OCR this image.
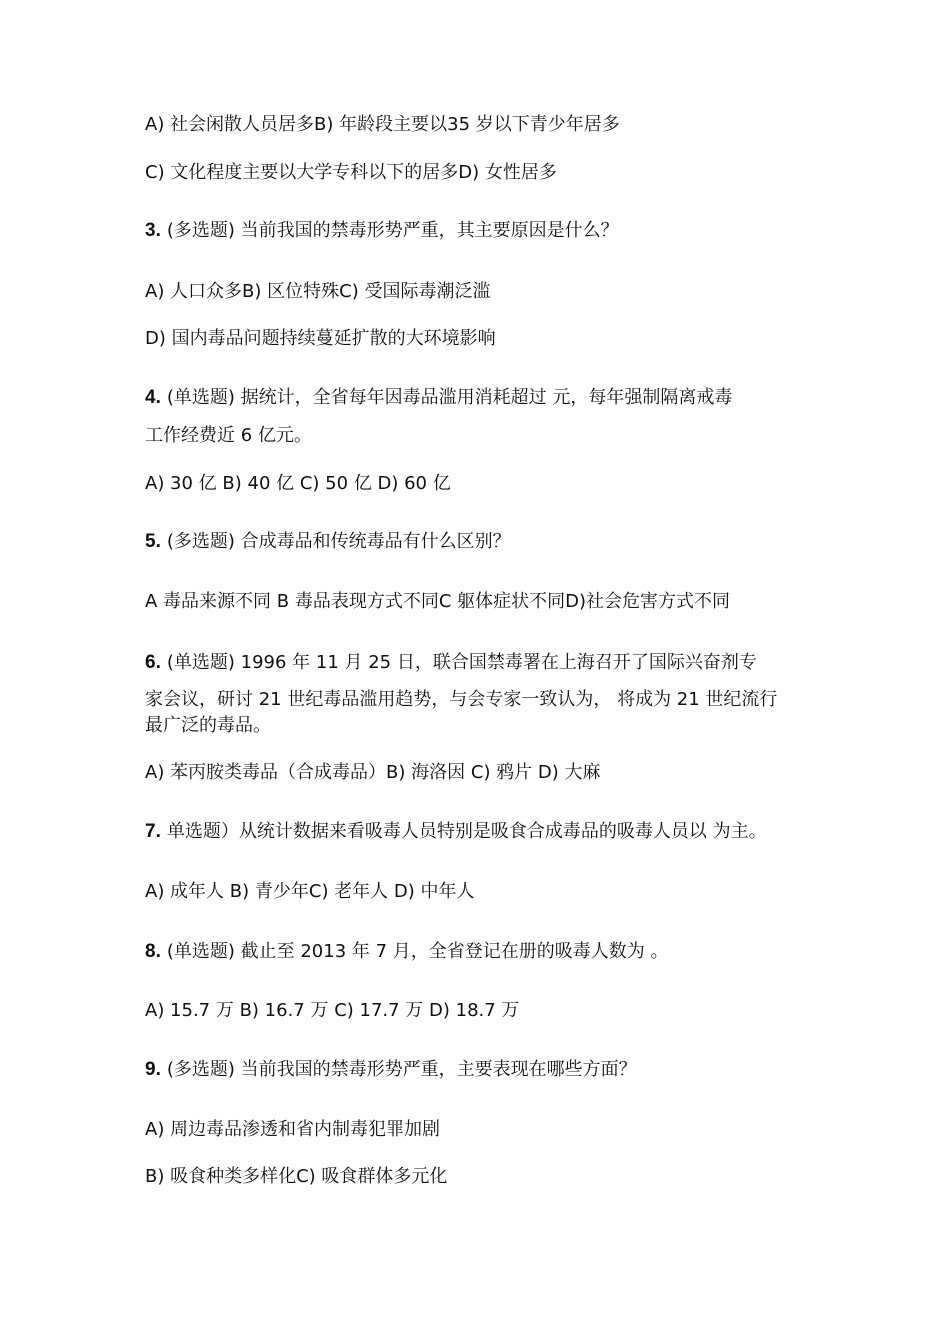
A) 社会闲散人员居多B) 年龄段主要以35 岁以下青少年居多
C) 文化程度主要以大学专科以下的居多D) 女性居多
3. (多选题) 当前我国的禁毒形势严重，其主要原因是什么？
A) 人口众多B) 区位特殊C) 受国际毒潮泛滥
D) 国内毒品问题持续蔓延扩散的大环境影响
4. (单选题) 据统计，全省每年因毒品滥用消耗超过 元，每年强制隔离戒毒
工作经费近 6 亿元。
A) 30 亿 B) 40 亿 C) 50 亿 D) 60 亿
5. (多选题) 合成毒品和传统毒品有什么区别？
A 毒品来源不同 B 毒品表现方式不同C 躯体症状不同D)社会危害方式不同
6. (单选题) 1996 年 11 月 25 日，联合国禁毒署在上海召开了国际兴奋剂专
家会议，研讨 21 世纪毒品滥用趋势，与会专家一致认为， 将成为 21 世纪流行
最广泛的毒品。
A) 苯丙胺类毒品（合成毒品）B) 海洛因 C) 鸦片 D) 大麻
7. 单选题）从统计数据来看吸毒人员特别是吸食合成毒品的吸毒人员以 为主。
A) 成年人 B) 青少年C) 老年人 D) 中年人
8. (单选题) 截止至 2013 年 7 月，全省登记在册的吸毒人数为 。
A) 15.7 万 B) 16.7 万 C) 17.7 万 D) 18.7 万
9. (多选题) 当前我国的禁毒形势严重，主要表现在哪些方面？
A) 周边毒品渗透和省内制毒犯罪加剧
B) 吸食种类多样化C) 吸食群体多元化
